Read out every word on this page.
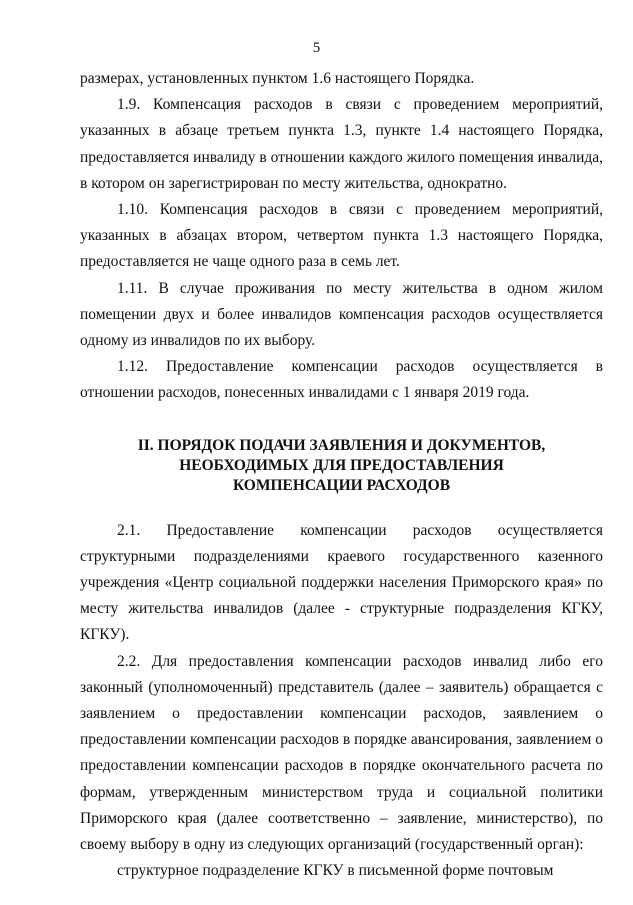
5

размерах, установленных пунктом 1.6 настоящего Порядка.

1.9. Компенсация расходов в связи с проведением мероприятий, указанных в абзаце третьем пункта 1.3, пункте 1.4 настоящего Порядка, предоставляется инвалиду в отношении каждого жилого помещения инвалида, в котором он зарегистрирован по месту жительства, однократно.

1.10. Компенсация расходов в связи с проведением мероприятий, указанных в абзацах втором, четвертом пункта 1.3 настоящего Порядка, предоставляется не чаще одного раза в семь лет.

1.11. В случае проживания по месту жительства в одном жилом помещении двух и более инвалидов компенсация расходов осуществляется одному из инвалидов по их выбору.

1.12. Предоставление компенсации расходов осуществляется в отношении расходов, понесенных инвалидами с 1 января 2019 года.

II. ПОРЯДОК ПОДАЧИ ЗАЯВЛЕНИЯ И ДОКУМЕНТОВ,
НЕОБХОДИМЫХ ДЛЯ ПРЕДОСТАВЛЕНИЯ
КОМПЕНСАЦИИ РАСХОДОВ

2.1. Предоставление компенсации расходов осуществляется структурными подразделениями краевого государственного казенного учреждения «Центр социальной поддержки населения Приморского края» по месту жительства инвалидов (далее - структурные подразделения КГКУ, КГКУ).

2.2. Для предоставления компенсации расходов инвалид либо его законный (уполномоченный) представитель (далее – заявитель) обращается с заявлением о предоставлении компенсации расходов, заявлением о предоставлении компенсации расходов в порядке авансирования, заявлением о предоставлении компенсации расходов в порядке окончательного расчета по формам, утвержденным министерством труда и социальной политики Приморского края (далее соответственно – заявление, министерство), по своему выбору в одну из следующих организаций (государственный орган):

структурное подразделение КГКУ в письменной форме почтовым
